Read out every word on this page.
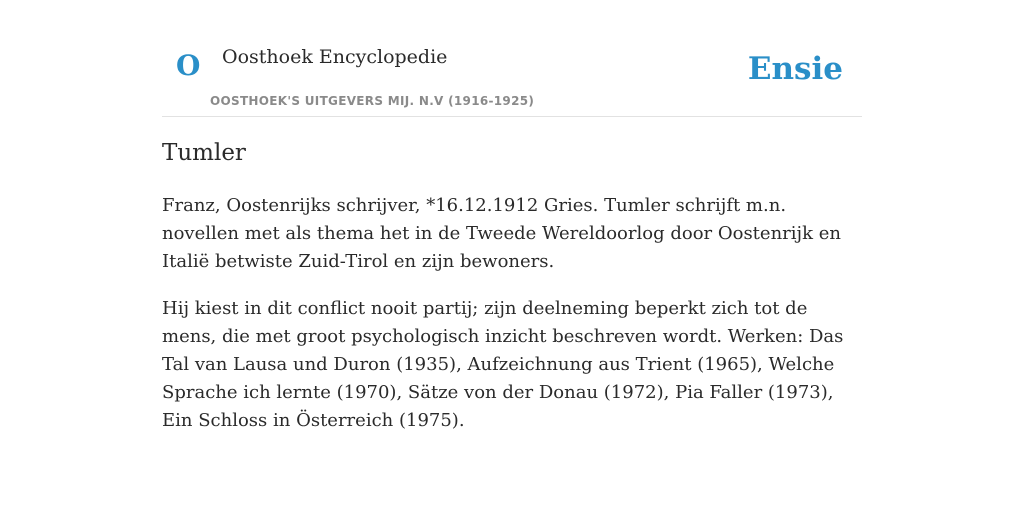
O Oosthoek Encyclopedie
OOSTHOEK'S UITGEVERS MIJ. N.V (1916-1925)
Ensie
Tumler

Franz, Oostenrijks schrijver, *16.12.1912 Gries. Tumler schrijft m.n. novellen met als thema het in de Tweede Wereldoorlog door Oostenrijk en Italië betwiste Zuid-Tirol en zijn bewoners.

Hij kiest in dit conflict nooit partij; zijn deelneming beperkt zich tot de mens, die met groot psychologisch inzicht beschreven wordt. Werken: Das Tal van Lausa und Duron (1935), Aufzeichnung aus Trient (1965), Welche Sprache ich lernte (1970), Sätze von der Donau (1972), Pia Faller (1973), Ein Schloss in Österreich (1975).
